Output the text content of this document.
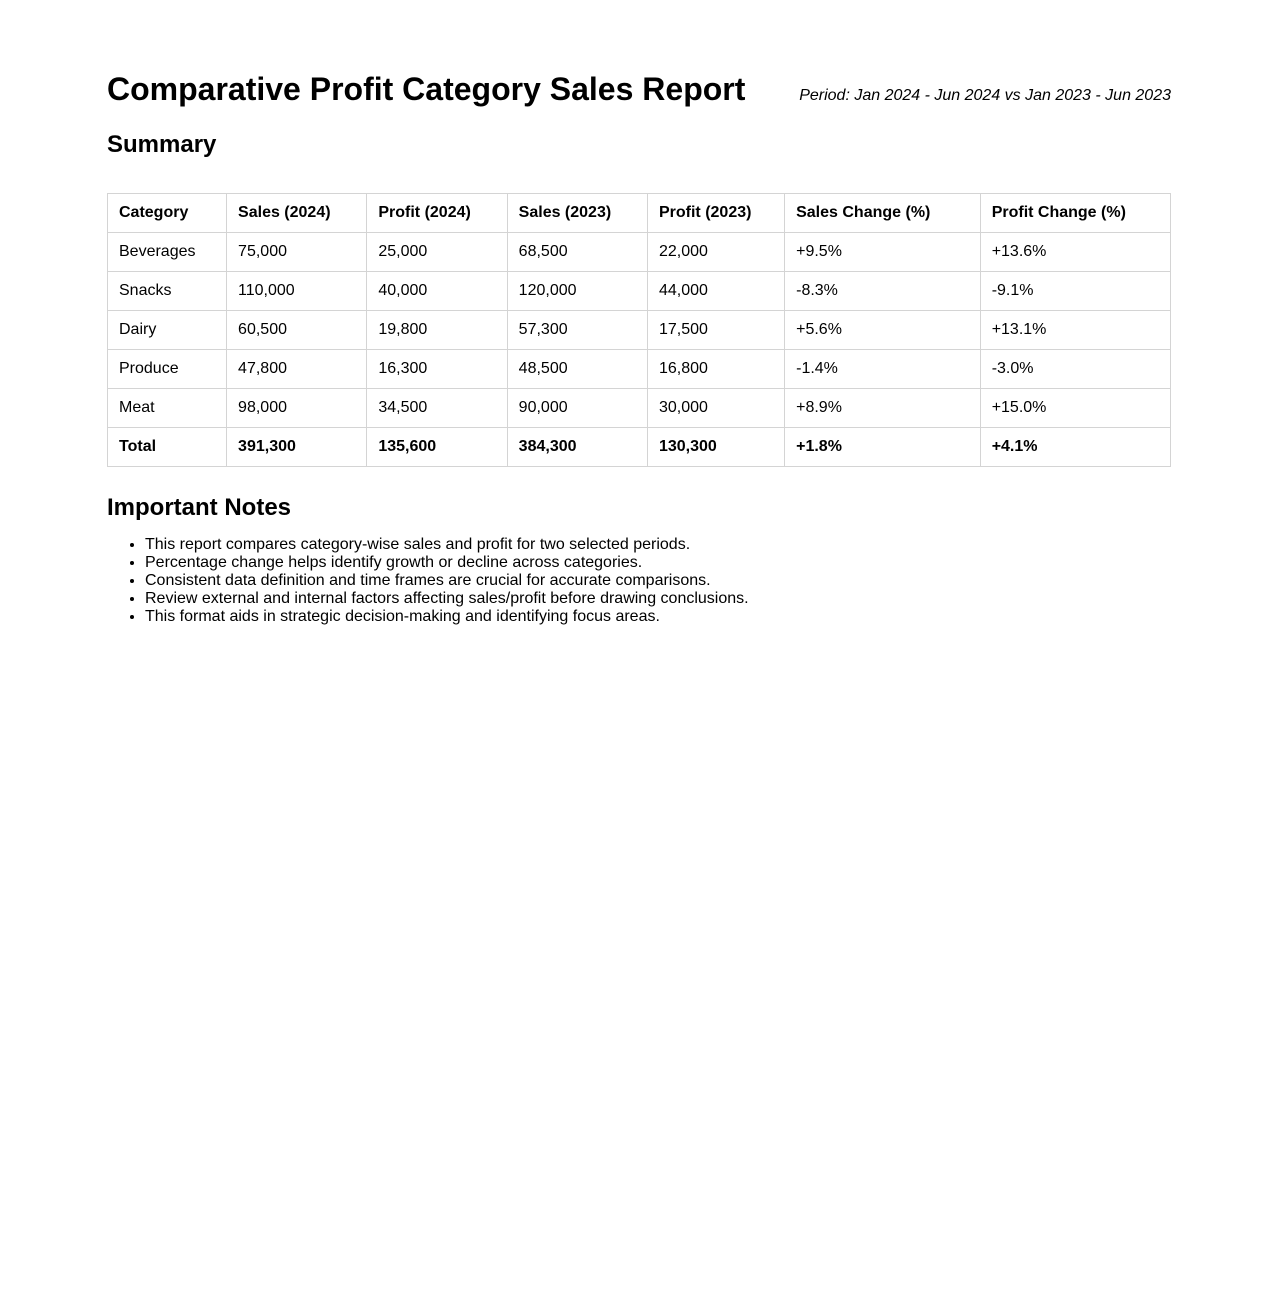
Comparative Profit Category Sales Report	Period: Jan 2024 - Jun 2024 vs Jan 2023 - Jun 2023
Summary
Category	Sales (2024)	Profit (2024)	Sales (2023)	Profit (2023)	Sales Change (%)	Profit Change (%)
Beverages	75,000	25,000	68,500	22,000	+9.5%	+13.6%
Snacks	110,000	40,000	120,000	44,000	-8.3%	-9.1%
Dairy	60,500	19,800	57,300	17,500	+5.6%	+13.1%
Produce	47,800	16,300	48,500	16,800	-1.4%	-3.0%
Meat	98,000	34,500	90,000	30,000	+8.9%	+15.0%
Total	391,300	135,600	384,300	130,300	+1.8%	+4.1%
Important Notes
• This report compares category-wise sales and profit for two selected periods.
• Percentage change helps identify growth or decline across categories.
• Consistent data definition and time frames are crucial for accurate comparisons.
• Review external and internal factors affecting sales/profit before drawing conclusions.
• This format aids in strategic decision-making and identifying focus areas.
